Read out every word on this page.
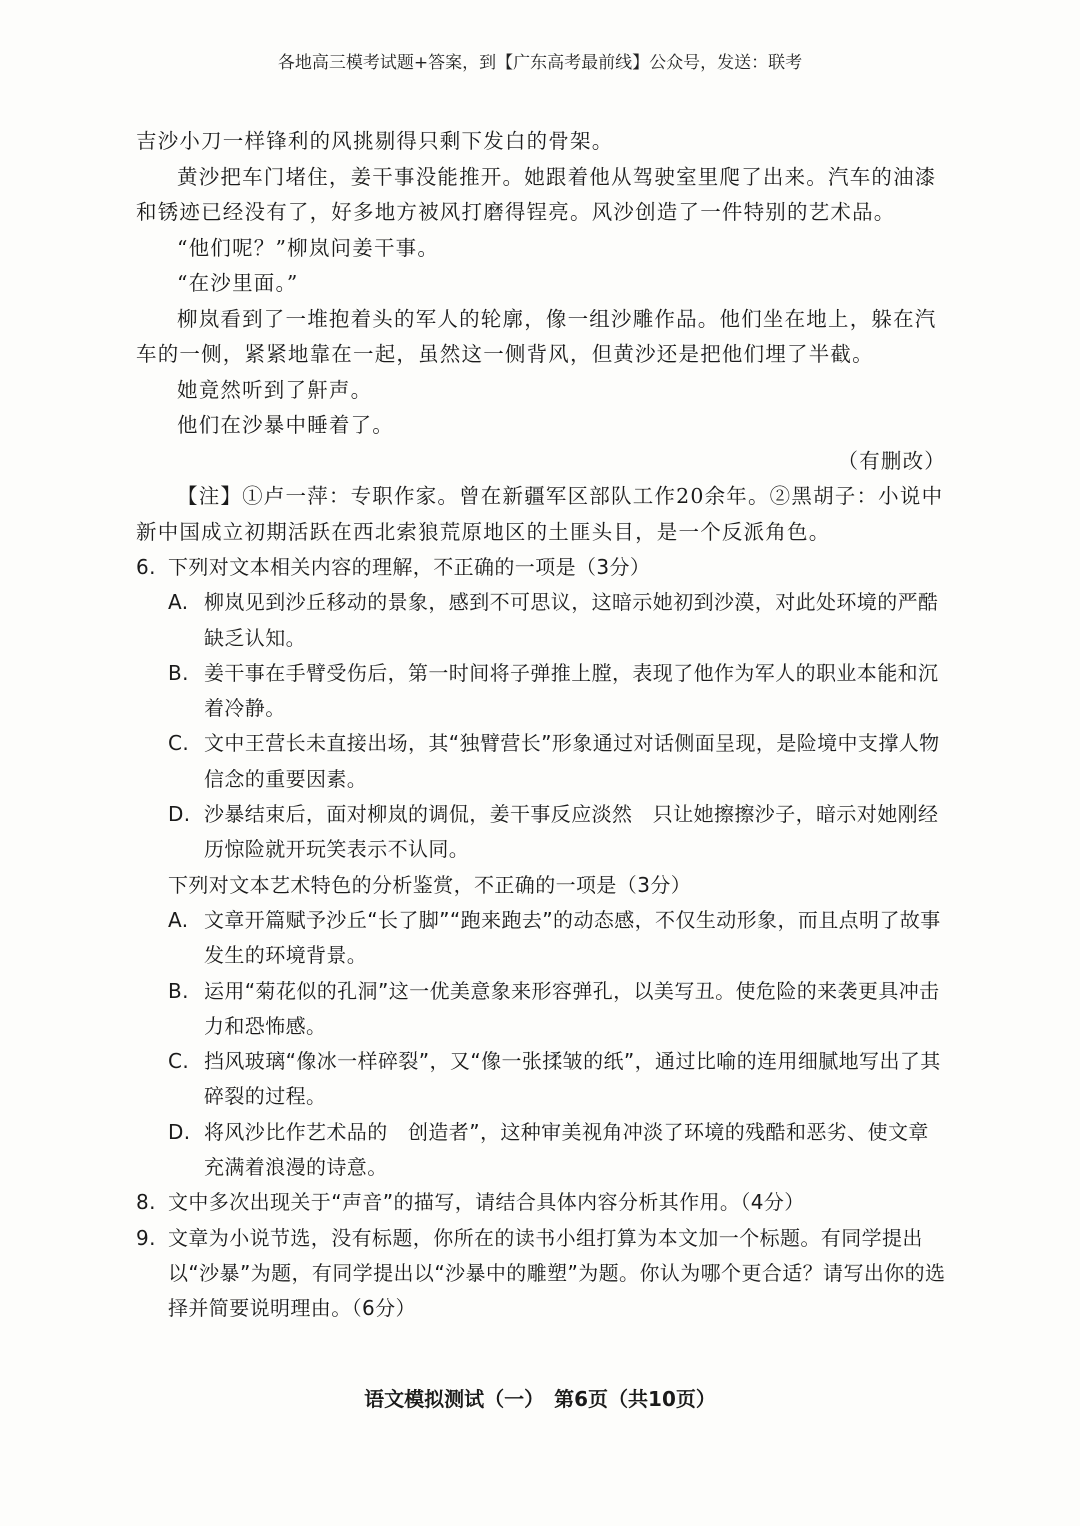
各地高三模考试题+答案，到【广东高考最前线】公众号，发送：联考

吉沙小刀一样锋利的风挑剔得只剩下发白的骨架。

黄沙把车门堵住，姜干事没能推开。她跟着他从驾驶室里爬了出来。汽车的油漆和锈迹已经没有了，好多地方被风打磨得锃亮。风沙创造了一件特别的艺术品。

“他们呢？”柳岚问姜干事。

“在沙里面。”

柳岚看到了一堆抱着头的军人的轮廓，像一组沙雕作品。他们坐在地上，躲在汽车的一侧，紧紧地靠在一起，虽然这一侧背风，但黄沙还是把他们埋了半截。

她竟然听到了鼾声。

他们在沙暴中睡着了。

（有删改）

【注】①卢一萍：专职作家。曾在新疆军区部队工作20余年。②黑胡子：小说中新中国成立初期活跃在西北索狼荒原地区的土匪头目，是一个反派角色。

6. 下列对文本相关内容的理解，不正确的一项是（3分）
A. 柳岚见到沙丘移动的景象，感到不可思议，这暗示她初到沙漠，对此处环境的严酷缺乏认知。
B. 姜干事在手臂受伤后，第一时间将子弹推上膛，表现了他作为军人的职业本能和沉着冷静。
C. 文中王营长未直接出场，其“独臂营长”形象通过对话侧面呈现，是险境中支撑人物信念的重要因素。
D. 沙暴结束后，面对柳岚的调侃，姜干事反应淡然　只让她擦擦沙子，暗示对她刚经历惊险就开玩笑表示不认同。
下列对文本艺术特色的分析鉴赏，不正确的一项是（3分）
A. 文章开篇赋予沙丘“长了脚”“跑来跑去”的动态感，不仅生动形象，而且点明了故事发生的环境背景。
B. 运用“菊花似的孔洞”这一优美意象来形容弹孔，以美写丑。使危险的来袭更具冲击力和恐怖感。
C. 挡风玻璃“像冰一样碎裂”，又“像一张揉皱的纸”，通过比喻的连用细腻地写出了其碎裂的过程。
D. 将风沙比作艺术品的　创造者”，这种审美视角冲淡了环境的残酷和恶劣、使文章充满着浪漫的诗意。
8. 文中多次出现关于“声音”的描写，请结合具体内容分析其作用。（4分）
9. 文章为小说节选，没有标题，你所在的读书小组打算为本文加一个标题。有同学提出以“沙暴”为题，有同学提出以“沙暴中的雕塑”为题。你认为哪个更合适？请写出你的选择并简要说明理由。（6分）
语文模拟测试（一）　第6页（共10页）
